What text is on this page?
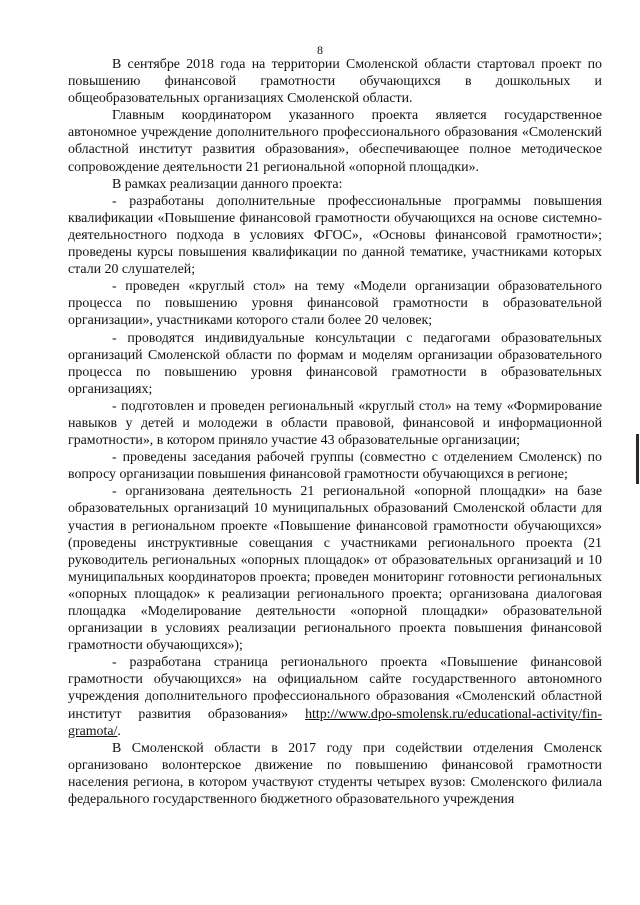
8

В сентябре 2018 года на территории Смоленской области стартовал проект по повышению финансовой грамотности обучающихся в дошкольных и общеобразовательных организациях Смоленской области.

Главным координатором указанного проекта является государственное автономное учреждение дополнительного профессионального образования «Смоленский областной институт развития образования», обеспечивающее полное методическое сопровождение деятельности 21 региональной «опорной площадки».

В рамках реализации данного проекта:

- разработаны дополнительные профессиональные программы повышения квалификации «Повышение финансовой грамотности обучающихся на основе системно-деятельностного подхода в условиях ФГОС», «Основы финансовой грамотности»; проведены курсы повышения квалификации по данной тематике, участниками которых стали 20 слушателей;

- проведен «круглый стол» на тему «Модели организации образовательного процесса по повышению уровня финансовой грамотности в образовательной организации», участниками которого стали более 20 человек;

- проводятся индивидуальные консультации с педагогами образовательных организаций Смоленской области по формам и моделям организации образовательного процесса по повышению уровня финансовой грамотности в образовательных организациях;

- подготовлен и проведен региональный «круглый стол» на тему «Формирование навыков у детей и молодежи в области правовой, финансовой и информационной грамотности», в котором приняло участие 43 образовательные организации;

- проведены заседания рабочей группы (совместно с отделением Смоленск) по вопросу организации повышения финансовой грамотности обучающихся в регионе;

- организована деятельность 21 региональной «опорной площадки» на базе образовательных организаций 10 муниципальных образований Смоленской области для участия в региональном проекте «Повышение финансовой грамотности обучающихся» (проведены инструктивные совещания с участниками регионального проекта (21 руководитель региональных «опорных площадок» от образовательных организаций и 10 муниципальных координаторов проекта; проведен мониторинг готовности региональных «опорных площадок» к реализации регионального проекта; организована диалоговая площадка «Моделирование деятельности «опорной площадки» образовательной организации в условиях реализации регионального проекта повышения финансовой грамотности обучающихся»);

- разработана страница регионального проекта «Повышение финансовой грамотности обучающихся» на официальном сайте государственного автономного учреждения дополнительного профессионального образования «Смоленский областной институт развития образования» http://www.dpo-smolensk.ru/educational-activity/fin-gramota/.

В Смоленской области в 2017 году при содействии отделения Смоленск организовано волонтерское движение по повышению финансовой грамотности населения региона, в котором участвуют студенты четырех вузов: Смоленского филиала федерального государственного бюджетного образовательного учреждения
